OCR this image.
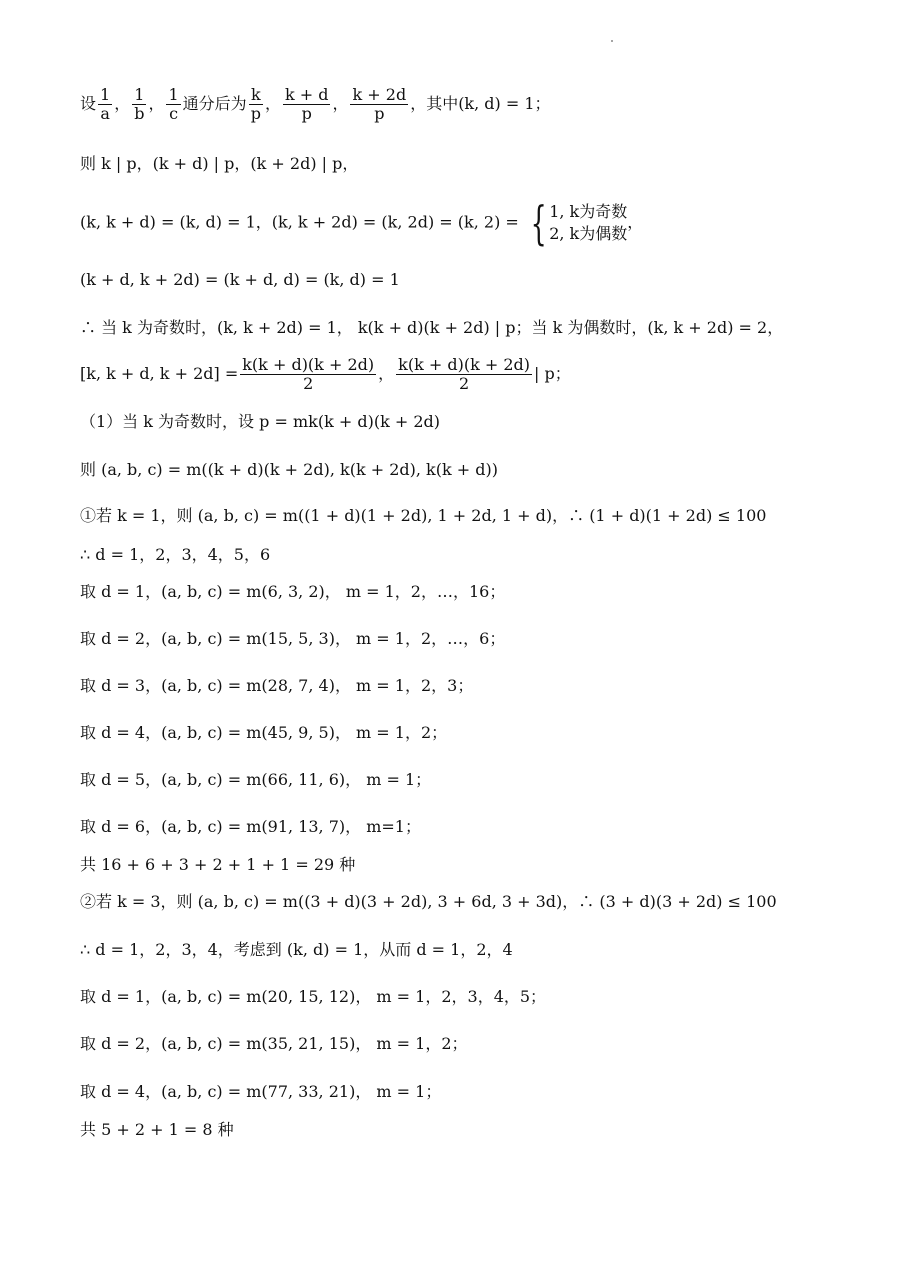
设 $\frac{1}{a}$ ， $\frac{1}{b}$ ， $\frac{1}{c}$ 通分后为 $\frac{k}{p}$ ， $\frac{k + d}{p}$ ， $\frac{k + 2d}{p}$ ，其中(k, d) = 1；
则 k | p，(k + d) | p，(k + 2d) | p，
(k, k + d) = (k, d) = 1，(k, k + 2d) = (k, 2d) = (k, 2) = { 1, k为奇数
2, k为偶数
，
(k + d, k + 2d) = (k + d, d) = (k, d) = 1
∴ 当 k 为奇数时，(k, k + 2d) = 1， k(k + d)(k + 2d) | p；当 k 为偶数时，(k, k + 2d) = 2，
[k, k + d, $k + 2d] = \frac{k(k + d)(k + 2d)}{2}$ ， $\frac{k(k + d)(k + 2d)}{2}$ | p；
（1）当 k 为奇数时，设 p = mk(k + d)(k + 2d)
则 (a, b, c) = m((k + d)(k + 2d), k(k + 2d), k(k + d))
①若 k = 1，则 (a, b, c) = m((1 + d)(1 + 2d), 1 + 2d, 1 + d)，∴ (1 + d)(1 + 2d) ≤ 100
∴ d = 1，2，3，4，5，6
取 d = 1，(a, b, c) = m(6, 3, 2)， m = 1，2，…，16；
取 d = 2，(a, b, c) = m(15, 5, 3)， m = 1，2，…，6；
取 d = 3，(a, b, c) = m(28, 7, 4)， m = 1，2，3；
取 d = 4，(a, b, c) = m(45, 9, 5)， m = 1，2；
取 d = 5，(a, b, c) = m(66, 11, 6)， m = 1；
取 d = 6，(a, b, c) = m(91, 13, 7)， m=1；
共 16 + 6 + 3 + 2 + 1 + 1 = 29 种
②若 k = 3，则 (a, b, c) = m((3 + d)(3 + 2d), 3 + 6d, 3 + 3d)，∴ (3 + d)(3 + 2d) ≤ 100
∴ d = 1，2，3，4，考虑到 (k, d) = 1，从而 d = 1，2，4
取 d = 1，(a, b, c) = m(20, 15, 12)， m = 1，2，3，4，5；
取 d = 2，(a, b, c) = m(35, 21, 15)， m = 1，2；
取 d = 4，(a, b, c) = m(77, 33, 21)， m = 1；
共 5 + 2 + 1 = 8 种
